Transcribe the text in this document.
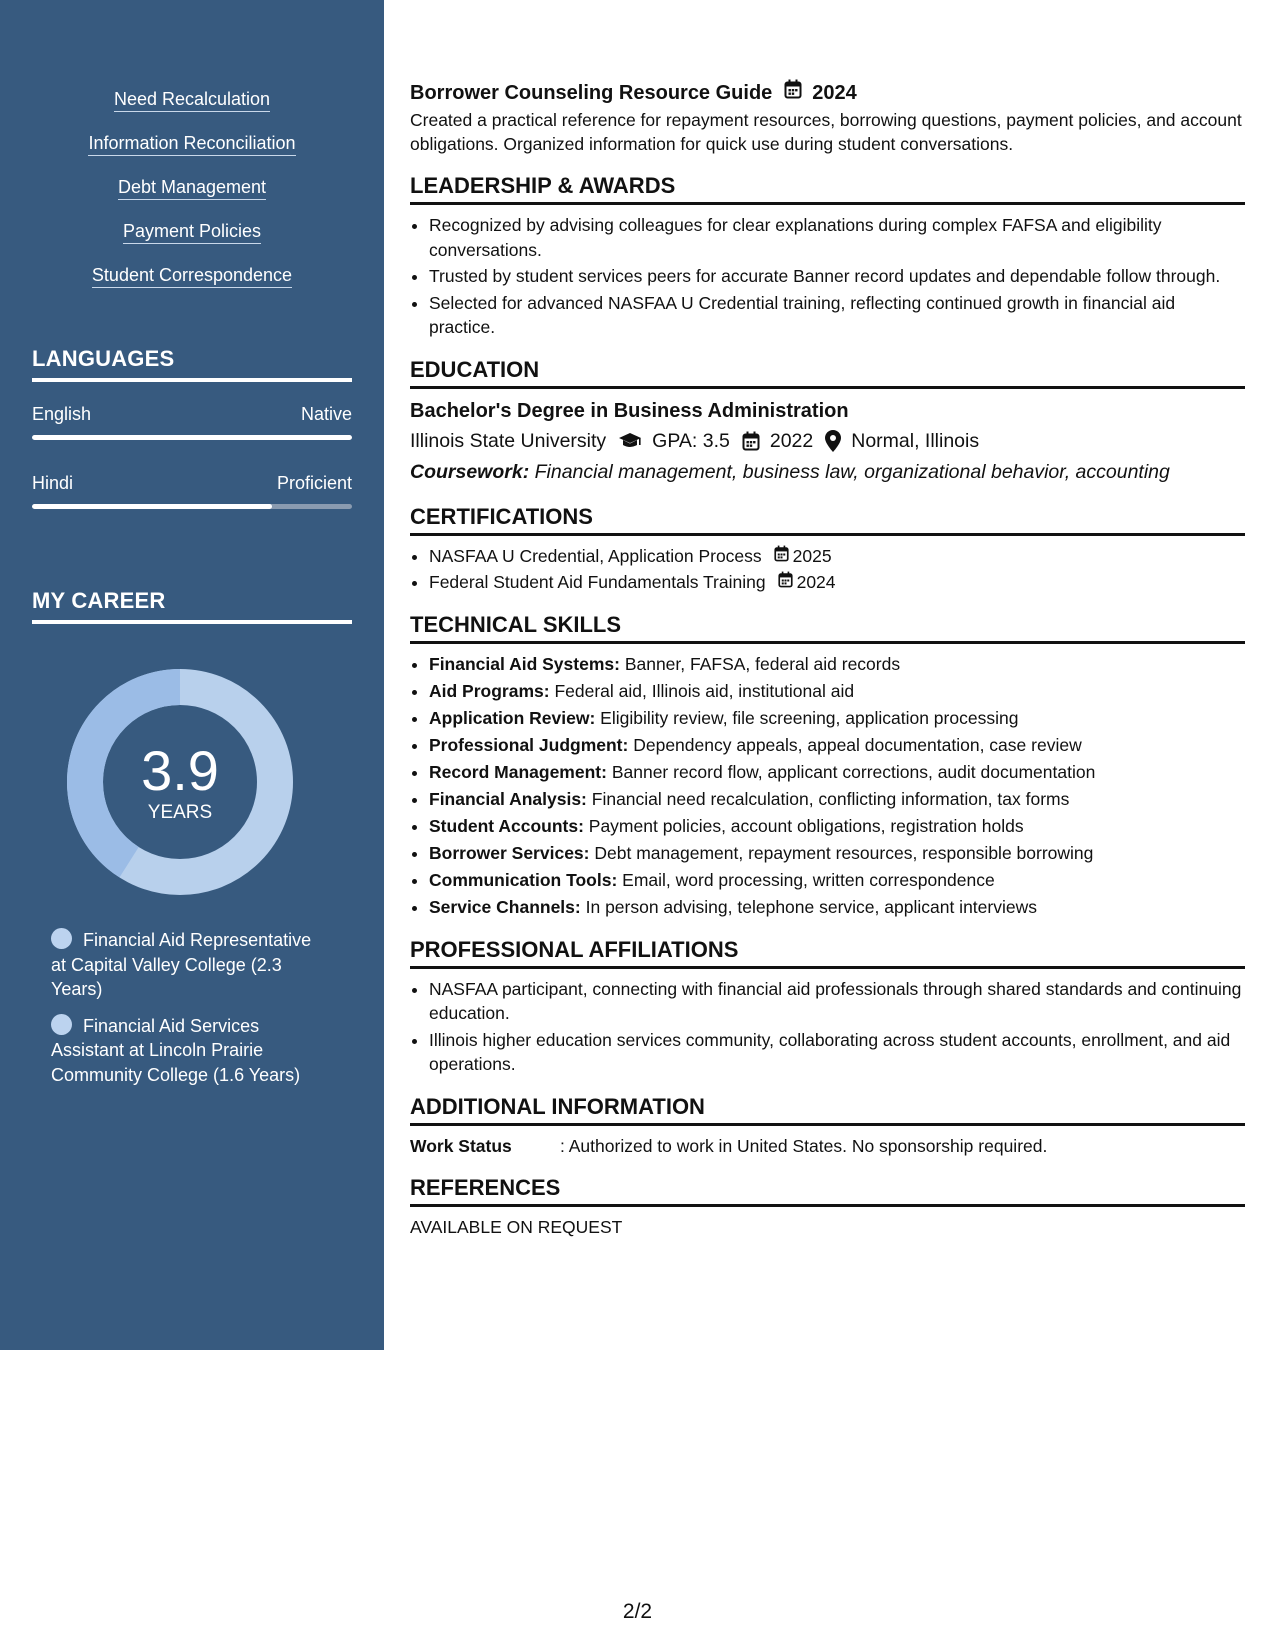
Need Recalculation
Information Reconciliation
Debt Management
Payment Policies
Student Correspondence
LANGUAGES
English	Native
Hindi	Proficient
MY CAREER
3.9
YEARS
Financial Aid Representative at Capital Valley College (2.3 Years)
Financial Aid Services Assistant at Lincoln Prairie Community College (1.6 Years)
Borrower Counseling Resource Guide 2024

Created a practical reference for repayment resources, borrowing questions, payment policies, and account obligations. Organized information for quick use during student conversations.

LEADERSHIP & AWARDS
• Recognized by advising colleagues for clear explanations during complex FAFSA and eligibility conversations.
• Trusted by student services peers for accurate Banner record updates and dependable follow through.
• Selected for advanced NASFAA U Credential training, reflecting continued growth in financial aid practice.
EDUCATION
Bachelor's Degree in Business Administration
Illinois State University GPA: 3.5 2022 Normal, Illinois
Coursework: Financial management, business law, organizational behavior, accounting
CERTIFICATIONS
• NASFAA U Credential, Application Process 2025
• Federal Student Aid Fundamentals Training 2024
TECHNICAL SKILLS
• Financial Aid Systems: Banner, FAFSA, federal aid records
• Aid Programs: Federal aid, Illinois aid, institutional aid
• Application Review: Eligibility review, file screening, application processing
• Professional Judgment: Dependency appeals, appeal documentation, case review
• Record Management: Banner record flow, applicant corrections, audit documentation
• Financial Analysis: Financial need recalculation, conflicting information, tax forms
• Student Accounts: Payment policies, account obligations, registration holds
• Borrower Services: Debt management, repayment resources, responsible borrowing
• Communication Tools: Email, word processing, written correspondence
• Service Channels: In person advising, telephone service, applicant interviews
PROFESSIONAL AFFILIATIONS
• NASFAA participant, connecting with financial aid professionals through shared standards and continuing education.
• Illinois higher education services community, collaborating across student accounts, enrollment, and aid operations.
ADDITIONAL INFORMATION
Work Status	: Authorized to work in United States. No sponsorship required.
REFERENCES
AVAILABLE ON REQUEST
2/2
